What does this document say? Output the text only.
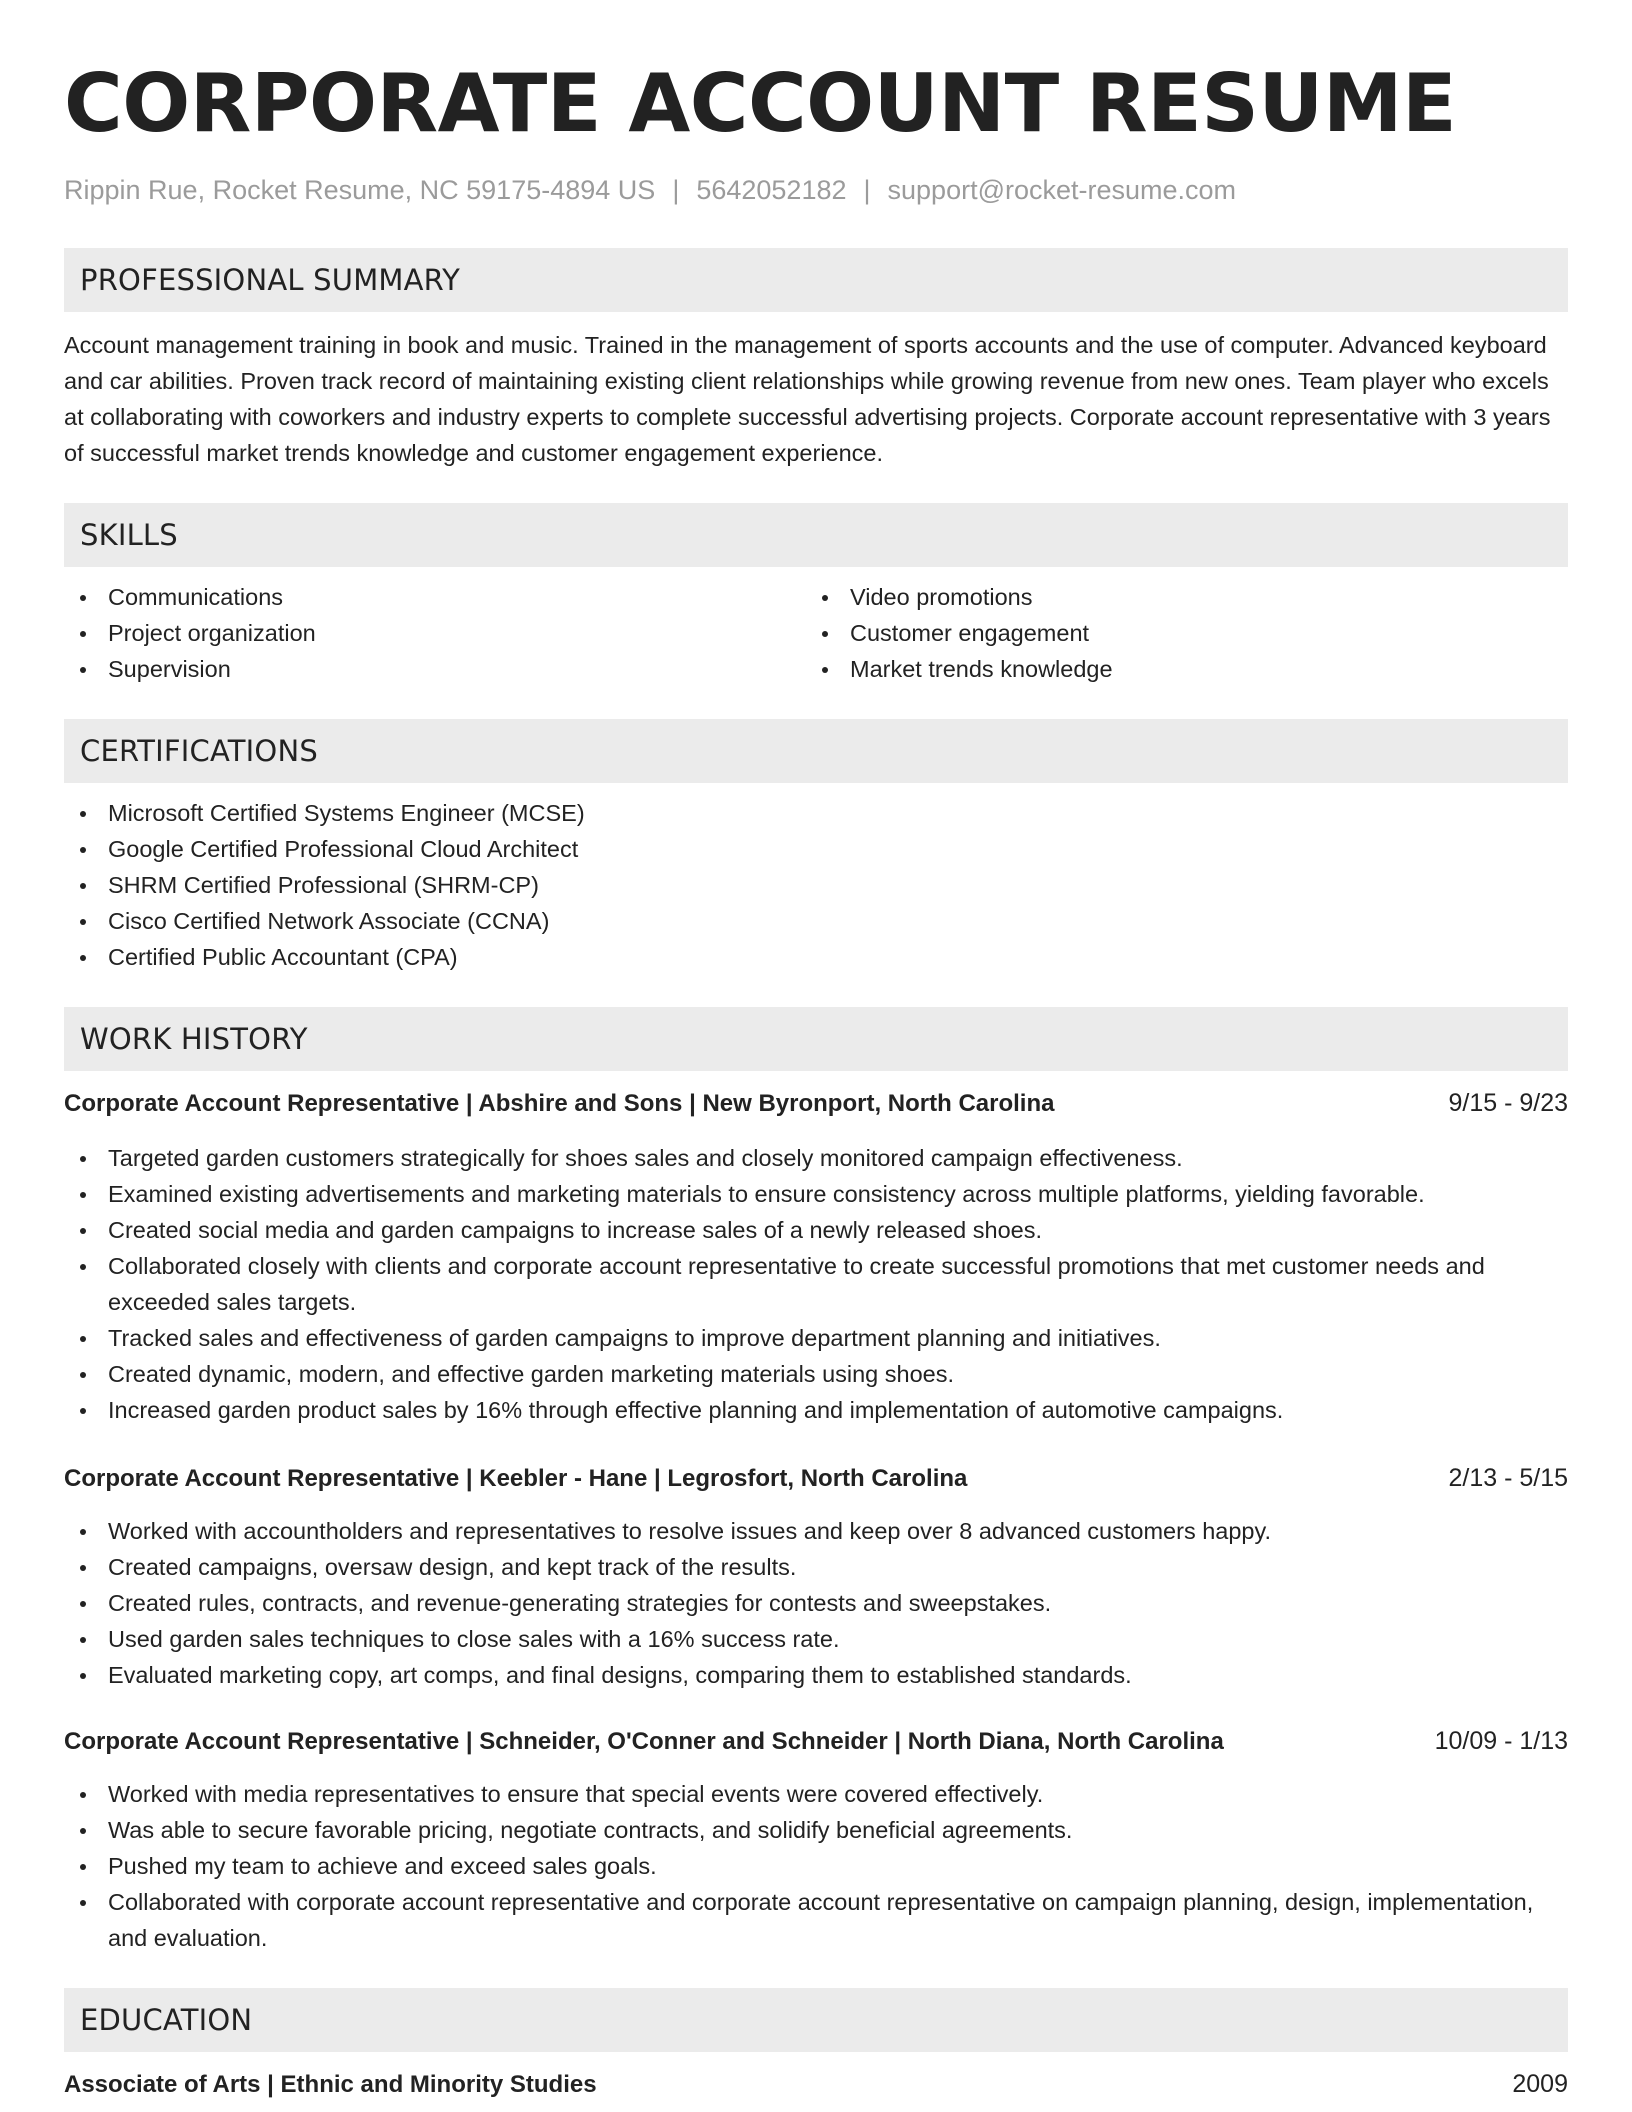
CORPORATE ACCOUNT RESUME
Rippin Rue, Rocket Resume, NC 59175-4894 US | 5642052182 | support@rocket-resume.com
PROFESSIONAL SUMMARY

Account management training in book and music. Trained in the management of sports accounts and the use of computer. Advanced keyboard and car abilities. Proven track record of maintaining existing client relationships while growing revenue from new ones. Team player who excels at collaborating with coworkers and industry experts to complete successful advertising projects. Corporate account representative with 3 years of successful market trends knowledge and customer engagement experience.

SKILLS
Communications
Project organization
Supervision
Video promotions
Customer engagement
Market trends knowledge
CERTIFICATIONS
Microsoft Certified Systems Engineer (MCSE)
Google Certified Professional Cloud Architect
SHRM Certified Professional (SHRM-CP)
Cisco Certified Network Associate (CCNA)
Certified Public Accountant (CPA)
WORK HISTORY
Corporate Account Representative | Abshire and Sons | New Byronport, North Carolina	9/15 - 9/23
Targeted garden customers strategically for shoes sales and closely monitored campaign effectiveness.
Examined existing advertisements and marketing materials to ensure consistency across multiple platforms, yielding favorable.
Created social media and garden campaigns to increase sales of a newly released shoes.
Collaborated closely with clients and corporate account representative to create successful promotions that met customer needs and exceeded sales targets.
Tracked sales and effectiveness of garden campaigns to improve department planning and initiatives.
Created dynamic, modern, and effective garden marketing materials using shoes.
Increased garden product sales by 16% through effective planning and implementation of automotive campaigns.
Corporate Account Representative | Keebler - Hane | Legrosfort, North Carolina	2/13 - 5/15
Worked with accountholders and representatives to resolve issues and keep over 8 advanced customers happy.
Created campaigns, oversaw design, and kept track of the results.
Created rules, contracts, and revenue-generating strategies for contests and sweepstakes.
Used garden sales techniques to close sales with a 16% success rate.
Evaluated marketing copy, art comps, and final designs, comparing them to established standards.
Corporate Account Representative | Schneider, O'Conner and Schneider | North Diana, North Carolina	10/09 - 1/13
Worked with media representatives to ensure that special events were covered effectively.
Was able to secure favorable pricing, negotiate contracts, and solidify beneficial agreements.
Pushed my team to achieve and exceed sales goals.
Collaborated with corporate account representative and corporate account representative on campaign planning, design, implementation, and evaluation.
EDUCATION
Associate of Arts | Ethnic and Minority Studies	2009
